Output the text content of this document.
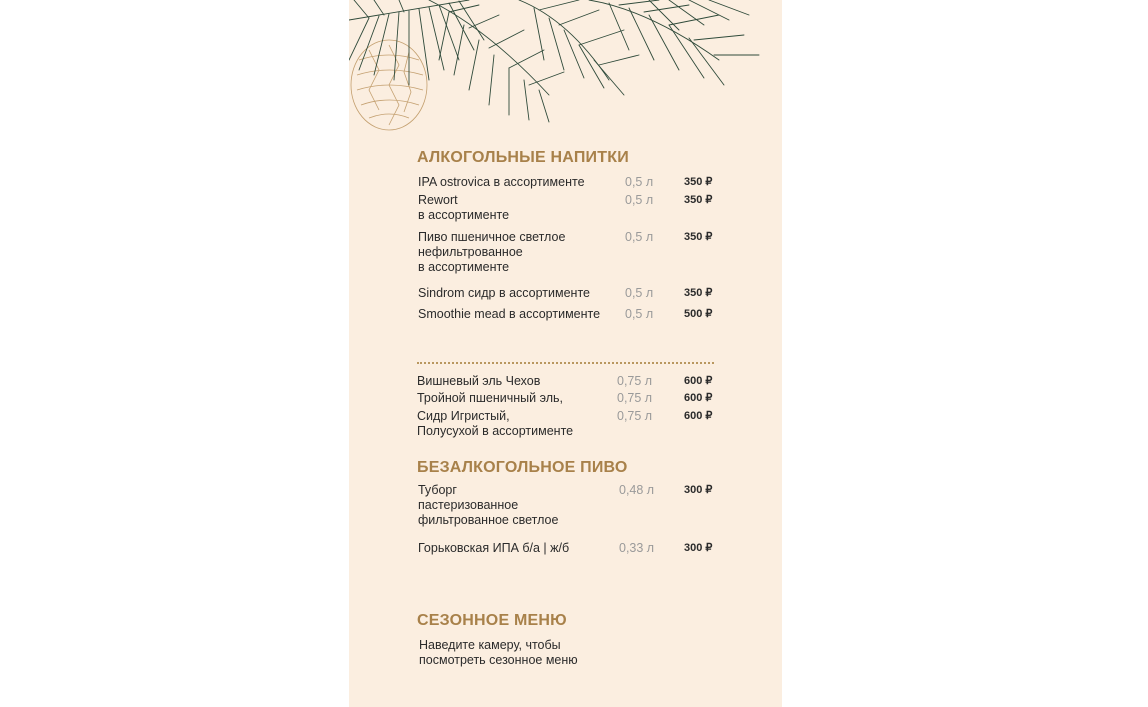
АЛКОГОЛЬНЫЕ НАПИТКИ
IPA ostrovica в ассортименте	0,5 л	350 ₽
Rewort
в ассортименте
0,5 л	350 ₽
Пиво пшеничное светлое
нефильтрованное
в ассортименте
0,5 л	350 ₽
Sindrom сидр в ассортименте	0,5 л	350 ₽
Smoothie mead в ассортименте	0,5 л	500 ₽
Вишневый эль Чехов	0,75 л	600 ₽
Тройной пшеничный эль,	0,75 л	600 ₽
Сидр Игристый,
Полусухой в ассортименте
0,75 л	600 ₽
БЕЗАЛКОГОЛЬНОЕ ПИВО
Туборг
пастеризованное
фильтрованное светлое
0,48 л	300 ₽
Горьковская ИПА б/а | ж/б	0,33 л	300 ₽
СЕЗОННОЕ МЕНЮ
Наведите камеру, чтобы
посмотреть сезонное меню
